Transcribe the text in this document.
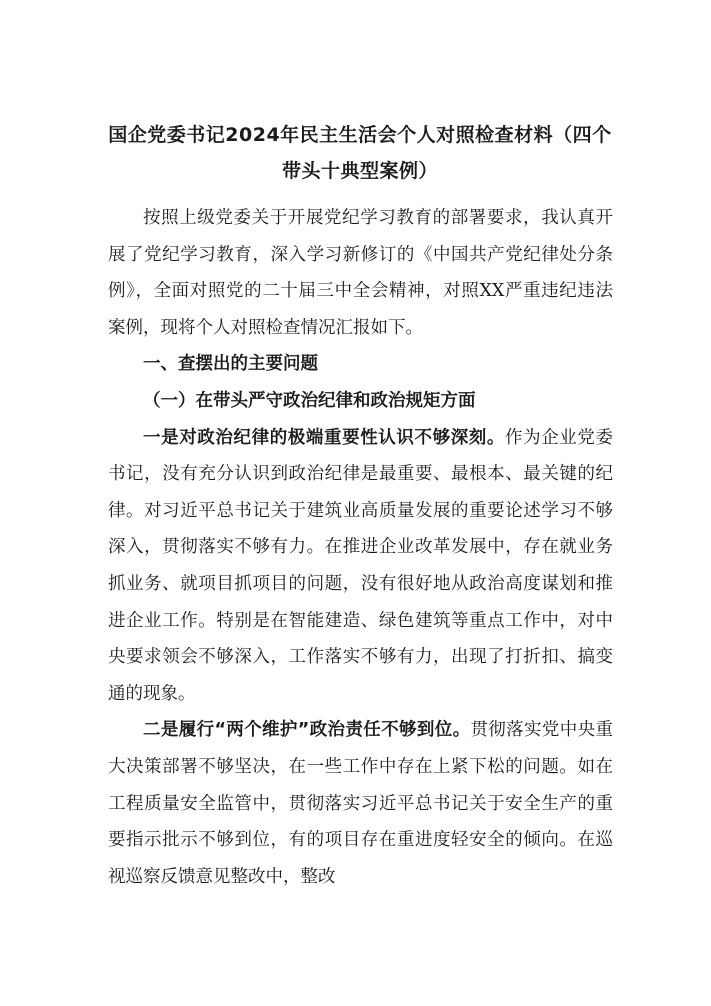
国企党委书记2024年民主生活会个人对照检查材料（四个带头十典型案例）

按照上级党委关于开展党纪学习教育的部署要求，我认真开展了党纪学习教育，深入学习新修订的《中国共产党纪律处分条例》，全面对照党的二十届三中全会精神，对照XX严重违纪违法案例，现将个人对照检查情况汇报如下。

一、查摆出的主要问题

（一）在带头严守政治纪律和政治规矩方面

一是对政治纪律的极端重要性认识不够深刻。作为企业党委书记，没有充分认识到政治纪律是最重要、最根本、最关键的纪律。对习近平总书记关于建筑业高质量发展的重要论述学习不够深入，贯彻落实不够有力。在推进企业改革发展中，存在就业务抓业务、就项目抓项目的问题，没有很好地从政治高度谋划和推进企业工作。特别是在智能建造、绿色建筑等重点工作中，对中央要求领会不够深入，工作落实不够有力，出现了打折扣、搞变通的现象。

二是履行“两个维护”政治责任不够到位。贯彻落实党中央重大决策部署不够坚决，在一些工作中存在上紧下松的问题。如在工程质量安全监管中，贯彻落实习近平总书记关于安全生产的重要指示批示不够到位，有的项目存在重进度轻安全的倾向。在巡视巡察反馈意见整改中，整改
